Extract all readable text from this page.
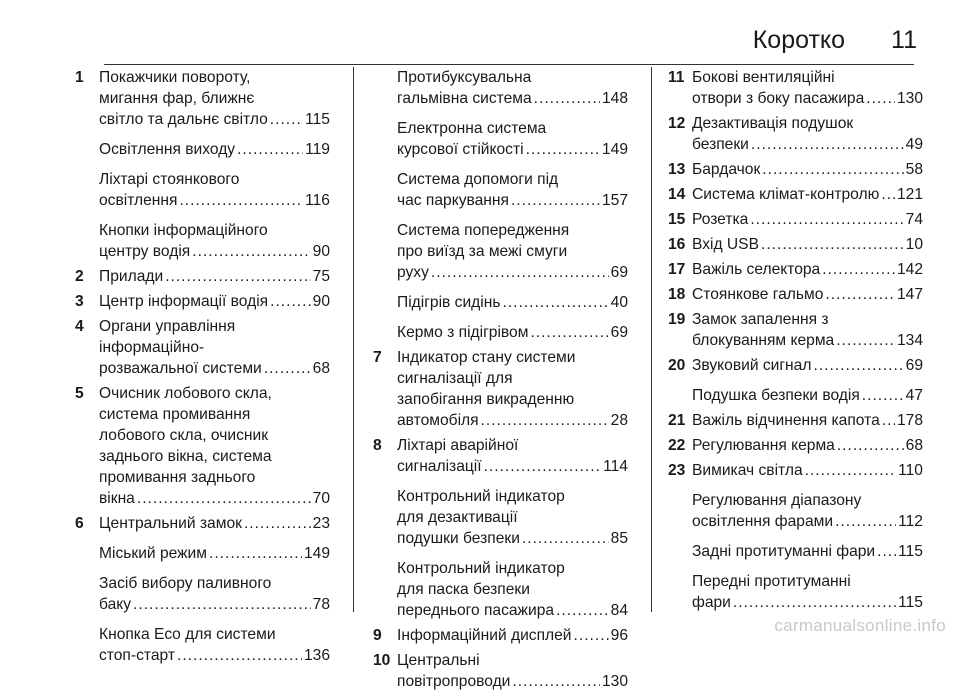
Коротко 11
1 Покажчики повороту,
мигання фар, ближнє
світло та дальнє світло ..... 115
Освітлення виходу .....	119
Ліхтарі стоянкового
освітлення .....	116
Кнопки інформаційного
центру водія .....	90
2 Прилади .....	75
3 Центр інформації водія .....	90
4 Органи управління
інформаційно-
розважальної системи .....	68
5 Очисник лобового скла,
система промивання
лобового скла, очисник
заднього вікна, система
промивання заднього
вікна .....	70
6 Центральний замок .....	23
Міський режим .....	149
Засіб вибору паливного
баку .....	78
Кнопка Eco для системи
стоп-старт .....	136
Протибуксувальна
гальмівна система .....	148
Електронна система
курсової стійкості .....	149
Система допомоги під
час паркування .....	157
Система попередження
про виїзд за межі смуги
руху .....	69
Підігрів сидінь .....	40
Кермо з підігрівом .....	69
7 Індикатор стану системи
сигналізації для
запобігання викраденню
автомобіля .....	28
8 Ліхтарі аварійної
сигналізації .....	114
Контрольний індикатор
для дезактивації
подушки безпеки .....	85
Контрольний індикатор
для паска безпеки
переднього пасажира .....	84
9 Інформаційний дисплей .....	96
10 Центральні
повітропроводи .....	130
11 Бокові вентиляційні
отвори з боку пасажира ..... 130
12 Дезактивація подушок
безпеки .....	49
13 Бардачок .....	58
14 Система клімат-контролю ..... 121
15 Розетка .....	74
16 Вхід USB .....	10
17 Важіль селектора .....	142
18 Стоянкове гальмо .....	147
19 Замок запалення з
блокуванням керма .....	134
20 Звуковий сигнал .....	69
Подушка безпеки водія .....	47
21 Важіль відчинення капота ..... 178
22 Регулювання керма .....	68
23 Вимикач світла .....	110
Регулювання діапазону
освітлення фарами .....	112
Задні протитуманні фари ..... 115
Передні протитуманні
фари .....	115
carmanualsonline.info
